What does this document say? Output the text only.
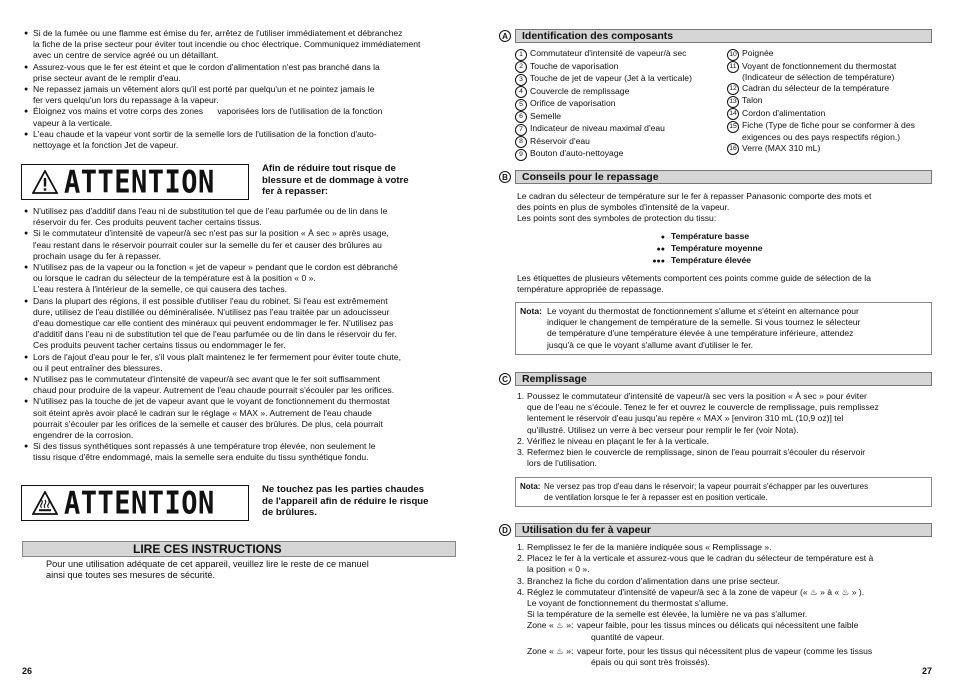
● Si de la fumée ou une flamme est émise du fer, arrêtez de l'utiliser immédiatement et débranchez
la fiche de la prise secteur pour éviter tout incendie ou choc électrique. Communiquez immédiatement
avec un centre de service agréé ou un détaillant.
● Assurez-vous que le fer est éteint et que le cordon d'alimentation n'est pas branché dans la
prise secteur avant de le remplir d'eau.
● Ne repassez jamais un vêtement alors qu'il est porté par quelqu'un et ne pointez jamais le
fer vers quelqu'un lors du repassage à la vapeur.
● Éloignez vos mains et votre corps des zones      vaporisées lors de l'utilisation de la fonction
vapeur à la verticale.
● L'eau chaude et la vapeur vont sortir de la semelle lors de l'utilisation de la fonction d'auto-
nettoyage et la fonction Jet de vapeur.
ATTENTION	Afin de réduire tout risque de
blessure et de dommage à votre
fer à repasser:
● N'utilisez pas d'additif dans l'eau ni de substitution tel que de l'eau parfumée ou de lin dans le
réservoir du fer. Ces produits peuvent tacher certains tissus.
● Si le commutateur d'intensité de vapeur/à sec n'est pas sur la position « À sec » après usage,
l'eau restant dans le réservoir pourrait couler sur la semelle du fer et causer des brûlures au
prochain usage du fer à repasser.
● N'utilisez pas de la vapeur ou la fonction « jet de vapeur » pendant que le cordon est débranché
ou lorsque le cadran du sélecteur de la température est à la position « 0 ».
L'eau restera à l'intérieur de la semelle, ce qui causera des taches.
● Dans la plupart des régions, il est possible d'utiliser l'eau du robinet. Si l'eau est extrêmement
dure, utilisez de l'eau distillée ou déminéralisée. N'utilisez pas l'eau traitée par un adoucisseur
d'eau domestique car elle contient des minéraux qui peuvent endommager le fer. N'utilisez pas
d'additif dans l'eau ni de substitution tel que de l'eau parfumée ou de lin dans le réservoir du fer.
Ces produits peuvent tacher certains tissus ou endommager le fer.
● Lors de l'ajout d'eau pour le fer, s'il vous plaît maintenez le fer fermement pour éviter toute chute,
ou il peut entraîner des blessures.
● N'utilisez pas le commutateur d'intensité de vapeur/à sec avant que le fer soit suffisamment
chaud pour produire de la vapeur. Autrement de l'eau chaude pourrait s'écouler par les orifices.
● N'utilisez pas la touche de jet de vapeur avant que le voyant de fonctionnement du thermostat
soit éteint après avoir placé le cadran sur le réglage « MAX ». Autrement de l'eau chaude
pourrait s'écouler par les orifices de la semelle et causer des brûlures. De plus, cela pourrait
engendrer de la corrosion.
● Si des tissus synthétiques sont repassés à une température trop élevée, non seulement le
tissu risque d'être endommagé, mais la semelle sera enduite du tissu synthétique fondu.
ATTENTION	Ne touchez pas les parties chaudes
de l'appareil afin de réduire le risque
de brûlures.
LIRE CES INSTRUCTIONS
Pour une utilisation adéquate de cet appareil, veuillez lire le reste de ce manuel
ainsi que toutes ses mesures de sécurité.
26
A	Identification des composants
1 Commutateur d'intensité de vapeur/à sec
2 Touche de vaporisation
3 Touche de jet de vapeur (Jet à la verticale)
4 Couvercle de remplissage
5 Orifice de vaporisation
6 Semelle
7 Indicateur de niveau maximal d'eau
8 Réservoir d'eau
9 Bouton d'auto-nettoyage
10 Poignée
11 Voyant de fonctionnement du thermostat
(Indicateur de sélection de température)
12 Cadran du sélecteur de la température
13 Talon
14 Cordon d'alimentation
15 Fiche (Type de fiche pour se conformer à des
exigences ou des pays respectifs région.)
16 Verre (MAX 310 mL)
B	Conseils pour le repassage
Le cadran du sélecteur de température sur le fer à repasser Panasonic comporte des mots et
des points en plus de symboles d'intensité de la vapeur.
Les points sont des symboles de protection du tissu:
● Température basse
●● Température moyenne
●●● Température élevée
Les étiquettes de plusieurs vêtements comportent ces points comme guide de sélection de la
température appropriée de repassage.
Nota: Le voyant du thermostat de fonctionnement s'allume et s'éteint en alternance pour
indiquer le changement de température de la semelle. Si vous tournez le sélecteur
de température d'une température élevée à une température inférieure, attendez
jusqu'à ce que le voyant s'allume avant d'utiliser le fer.
C	Remplissage
1. Poussez le commutateur d'intensité de vapeur/à sec vers la position « À sec » pour éviter
que de l'eau ne s'écoule. Tenez le fer et ouvrez le couvercle de remplissage, puis remplissez
lentement le réservoir d'eau jusqu'au repère « MAX » [environ 310 mL (10,9 oz)] tel
qu'illustré. Utilisez un verre à bec verseur pour remplir le fer (voir Nota).
2. Vérifiez le niveau en plaçant le fer à la verticale.
3. Refermez bien le couvercle de remplissage, sinon de l'eau pourrait s'écouler du réservoir
lors de l'utilisation.
Nota: Ne versez pas trop d'eau dans le réservoir; la vapeur pourrait s'échapper par les ouvertures
de ventilation lorsque le fer à repasser est en position verticale.
D	Utilisation du fer à vapeur
1. Remplissez le fer de la manière indiquée sous « Remplissage ».
2. Placez le fer à la verticale et assurez-vous que le cadran du sélecteur de température est à
la position « 0 ».
3. Branchez la fiche du cordon d'alimentation dans une prise secteur.
4. Réglez le commutateur d'intensité de vapeur/à sec à la zone de vapeur (« ♨ » à « ♨ » ).
Le voyant de fonctionnement du thermostat s'allume.
Si la température de la semelle est élevée, la lumière ne va pas s'allumer.
Zone « ♨ »: vapeur faible, pour les tissus minces ou délicats qui nécessitent une faible
quantité de vapeur.
Zone « ♨ »: vapeur forte, pour les tissus qui nécessitent plus de vapeur (comme les tissus
épais ou qui sont très froissés).
27
